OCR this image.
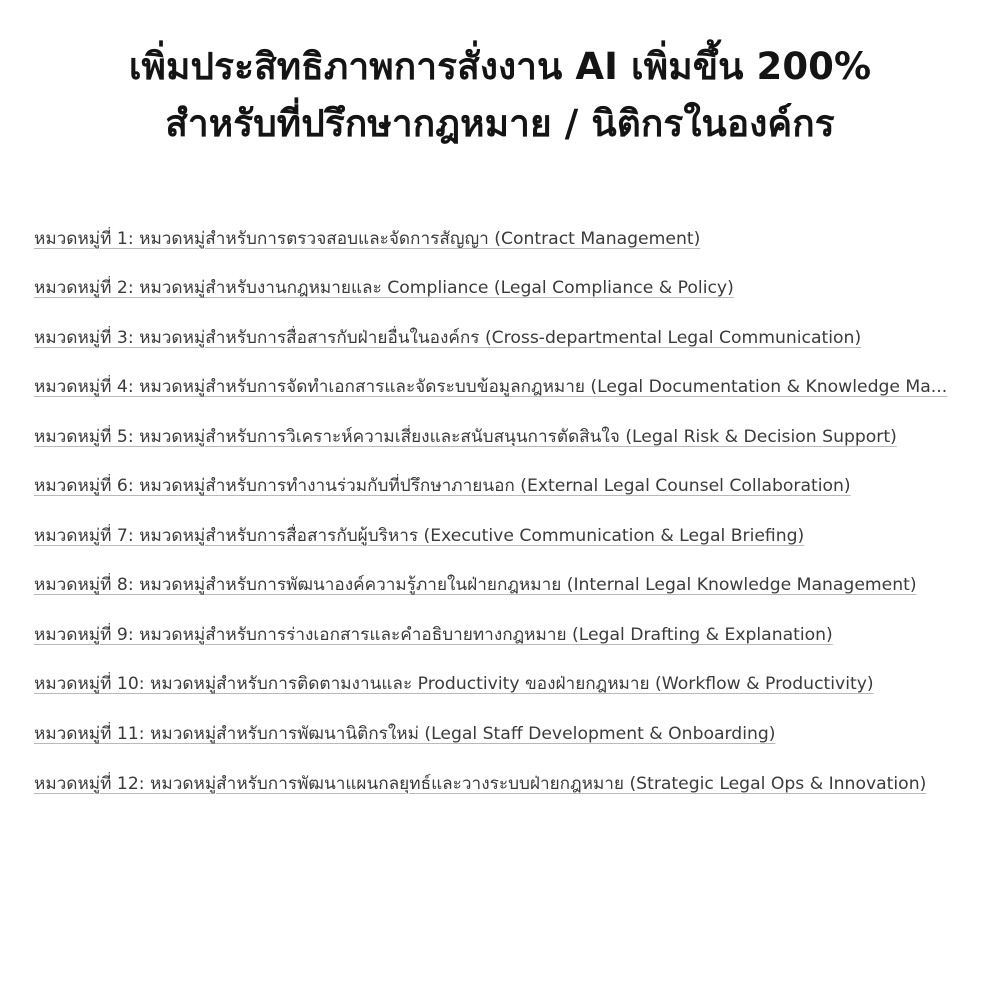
เพิ่มประสิทธิภาพการสั่งงาน AI เพิ่มขึ้น 200%
สำหรับที่ปรึกษากฎหมาย / นิติกรในองค์กร
หมวดหมู่ที่ 1: หมวดหมู่สำหรับการตรวจสอบและจัดการสัญญา (Contract Management)
หมวดหมู่ที่ 2: หมวดหมู่สำหรับงานกฎหมายและ Compliance (Legal Compliance & Policy)
หมวดหมู่ที่ 3: หมวดหมู่สำหรับการสื่อสารกับฝ่ายอื่นในองค์กร (Cross-departmental Legal Communication)
หมวดหมู่ที่ 4: หมวดหมู่สำหรับการจัดทำเอกสารและจัดระบบข้อมูลกฎหมาย (Legal Documentation & Knowledge Ma...
หมวดหมู่ที่ 5: หมวดหมู่สำหรับการวิเคราะห์ความเสี่ยงและสนับสนุนการตัดสินใจ (Legal Risk & Decision Support)
หมวดหมู่ที่ 6: หมวดหมู่สำหรับการทำงานร่วมกับที่ปรึกษาภายนอก (External Legal Counsel Collaboration)
หมวดหมู่ที่ 7: หมวดหมู่สำหรับการสื่อสารกับผู้บริหาร (Executive Communication & Legal Briefing)
หมวดหมู่ที่ 8: หมวดหมู่สำหรับการพัฒนาองค์ความรู้ภายในฝ่ายกฎหมาย (Internal Legal Knowledge Management)
หมวดหมู่ที่ 9: หมวดหมู่สำหรับการร่างเอกสารและคำอธิบายทางกฎหมาย (Legal Drafting & Explanation)
หมวดหมู่ที่ 10: หมวดหมู่สำหรับการติดตามงานและ Productivity ของฝ่ายกฎหมาย (Workflow & Productivity)
หมวดหมู่ที่ 11: หมวดหมู่สำหรับการพัฒนานิติกรใหม่ (Legal Staff Development & Onboarding)
หมวดหมู่ที่ 12: หมวดหมู่สำหรับการพัฒนาแผนกลยุทธ์และวางระบบฝ่ายกฎหมาย (Strategic Legal Ops & Innovation)
